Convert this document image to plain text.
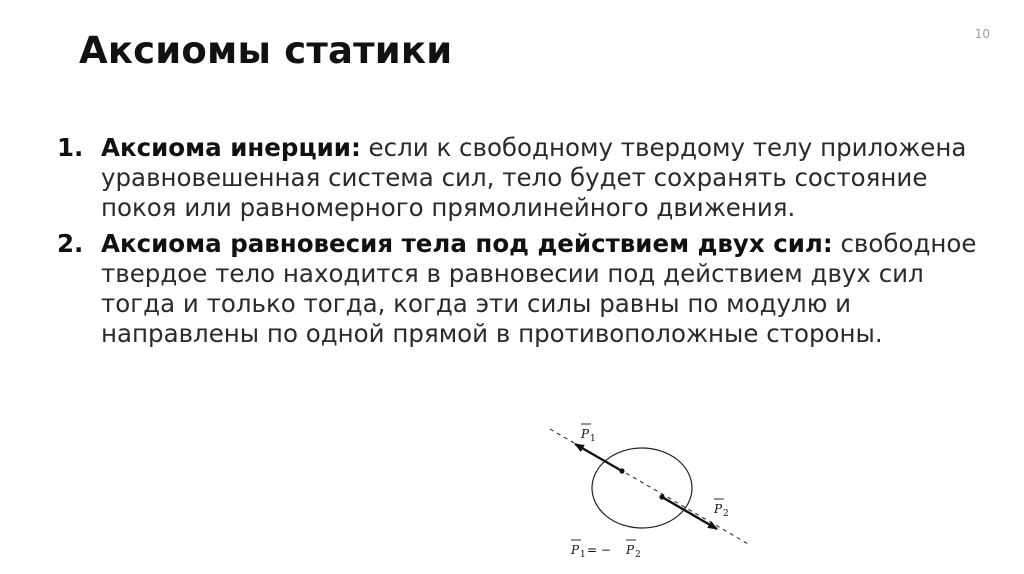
10
Аксиомы статики
1. Аксиома инерции: если к свободному твердому телу приложена уравновешенная система сил, тело будет сохранять состояние покоя или равномерного прямолинейного движения.
2. Аксиома равновесия тела под действием двух сил: свободное твердое тело находится в равновесии под действием двух сил тогда и только тогда, когда эти силы равны по модулю и направлены по одной прямой в противоположные стороны.
P 1
P 2
P 1 = − P 2
